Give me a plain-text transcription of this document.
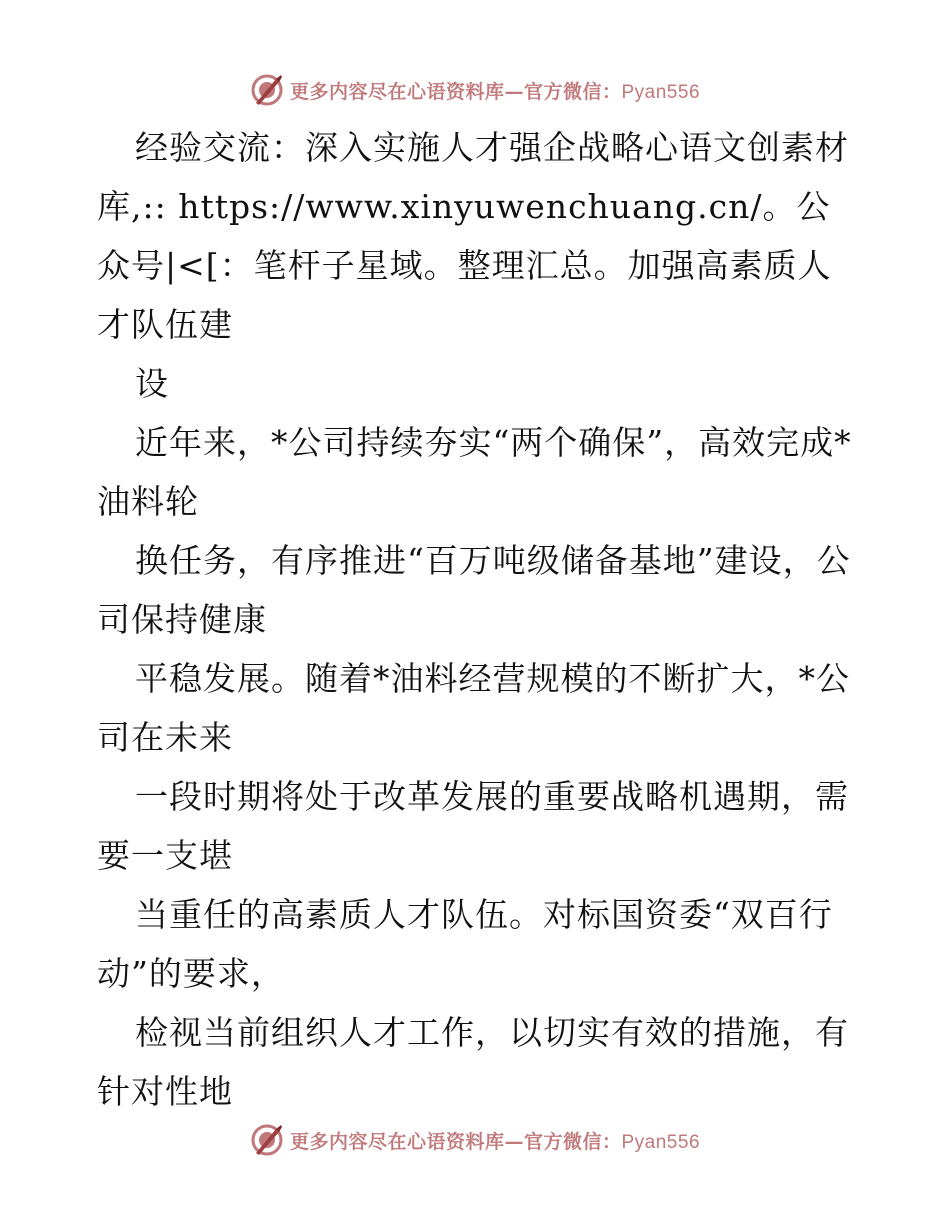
更多内容尽在心语资料库—官方微信：Pyan556

经验交流：深入实施人才强企战略心语文创素材库,:: https://www.xinyuwenchuang.cn/。公众号|<[：笔杆子星域。整理汇总。加强高素质人才队伍建

设

近年来，*公司持续夯实“两个确保”，高效完成*油料轮

换任务，有序推进“百万吨级储备基地”建设，公司保持健康

平稳发展。随着*油料经营规模的不断扩大，*公司在未来

一段时期将处于改革发展的重要战略机遇期，需要一支堪

当重任的高素质人才队伍。对标国资委“双百行动”的要求，

检视当前组织人才工作，以切实有效的措施，有针对性地

更多内容尽在心语资料库—官方微信：Pyan556
